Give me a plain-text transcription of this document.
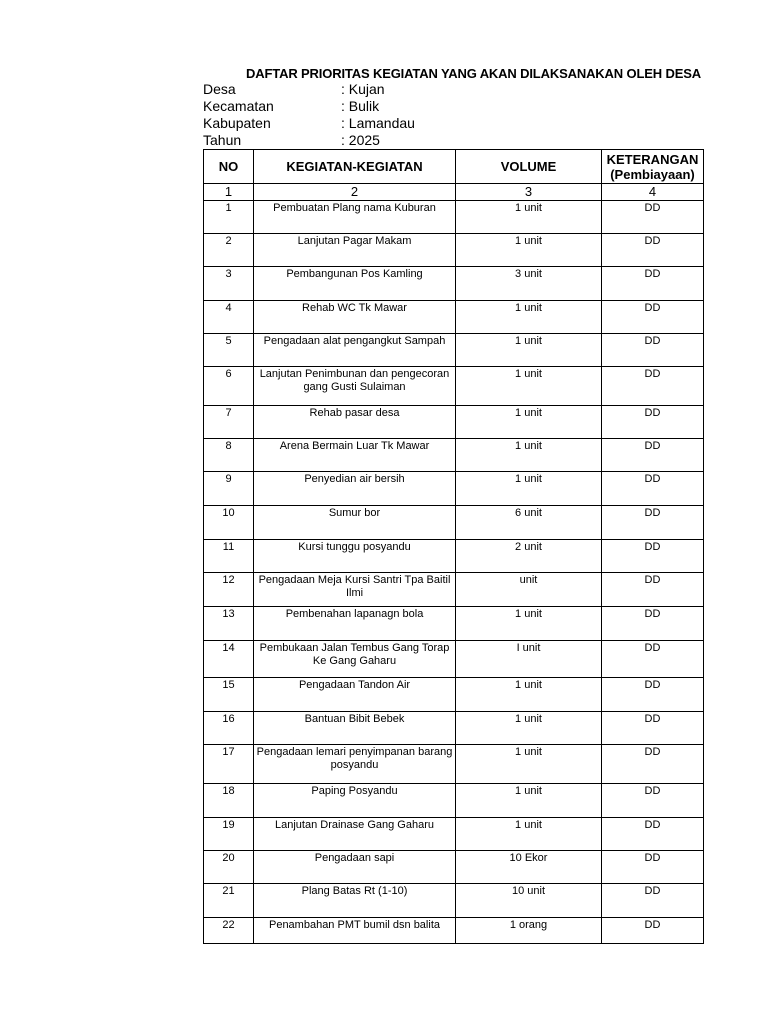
DAFTAR PRIORITAS KEGIATAN YANG AKAN DILAKSANAKAN OLEH DESA
Desa	: Kujan
Kecamatan	: Bulik
Kabupaten	: Lamandau
Tahun	: 2025
NO	KEGIATAN-KEGIATAN	VOLUME	KETERANGAN
(Pembiayaan)

1	2	3	4
1	Pembuatan Plang nama Kuburan	1 unit	DD
2	Lanjutan Pagar Makam	1 unit	DD
3	Pembangunan Pos Kamling	3 unit	DD
4	Rehab WC Tk Mawar	1 unit	DD
5	Pengadaan alat pengangkut Sampah	1 unit	DD
6	Lanjutan Penimbunan dan pengecoran gang Gusti Sulaiman	1 unit	DD
7	Rehab pasar desa	1 unit	DD
8	Arena Bermain Luar Tk Mawar	1 unit	DD
9	Penyedian air bersih	1 unit	DD
10	Sumur bor	6 unit	DD
11	Kursi tunggu posyandu	2 unit	DD
12	Pengadaan Meja Kursi Santri Tpa Baitil Ilmi	unit	DD
13	Pembenahan lapanagn bola	1 unit	DD
14	Pembukaan Jalan Tembus Gang Torap Ke Gang Gaharu	I unit	DD
15	Pengadaan Tandon Air	1 unit	DD
16	Bantuan Bibit Bebek	1 unit	DD
17	Pengadaan lemari penyimpanan barang posyandu	1 unit	DD
18	Paping Posyandu	1 unit	DD
19	Lanjutan Drainase Gang Gaharu	1 unit	DD
20	Pengadaan sapi	10 Ekor	DD
21	Plang Batas Rt (1-10)	10 unit	DD
22	Penambahan PMT bumil dsn balita	1 orang	DD
